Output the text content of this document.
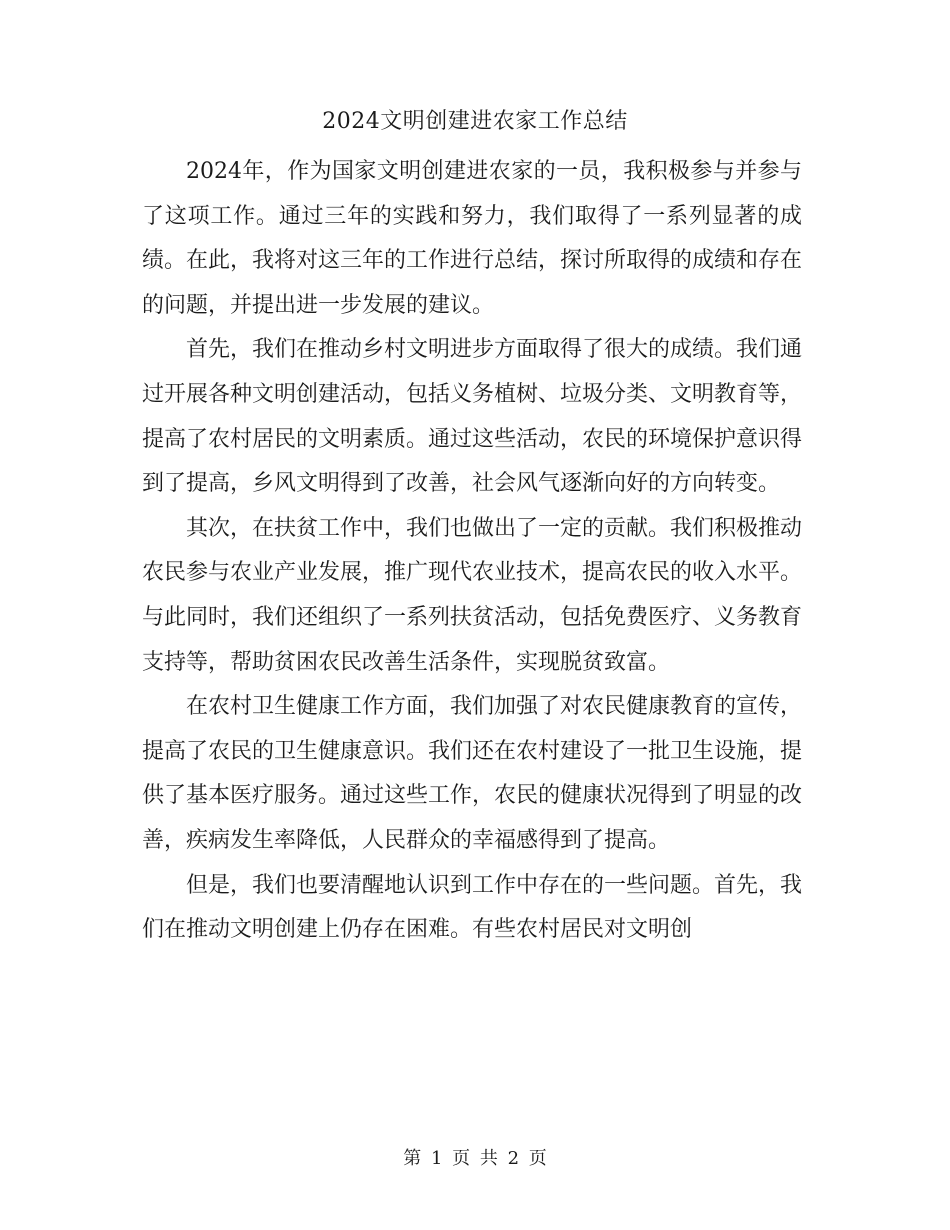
2024文明创建进农家工作总结

2024年，作为国家文明创建进农家的一员，我积极参与并参与了这项工作。通过三年的实践和努力，我们取得了一系列显著的成绩。在此，我将对这三年的工作进行总结，探讨所取得的成绩和存在的问题，并提出进一步发展的建议。

首先，我们在推动乡村文明进步方面取得了很大的成绩。我们通过开展各种文明创建活动，包括义务植树、垃圾分类、文明教育等，提高了农村居民的文明素质。通过这些活动，农民的环境保护意识得到了提高，乡风文明得到了改善，社会风气逐渐向好的方向转变。

其次，在扶贫工作中，我们也做出了一定的贡献。我们积极推动农民参与农业产业发展，推广现代农业技术，提高农民的收入水平。与此同时，我们还组织了一系列扶贫活动，包括免费医疗、义务教育支持等，帮助贫困农民改善生活条件，实现脱贫致富。

在农村卫生健康工作方面，我们加强了对农民健康教育的宣传，提高了农民的卫生健康意识。我们还在农村建设了一批卫生设施，提供了基本医疗服务。通过这些工作，农民的健康状况得到了明显的改善，疾病发生率降低，人民群众的幸福感得到了提高。

但是，我们也要清醒地认识到工作中存在的一些问题。首先，我们在推动文明创建上仍存在困难。有些农村居民对文明创

第 1 页 共 2 页
